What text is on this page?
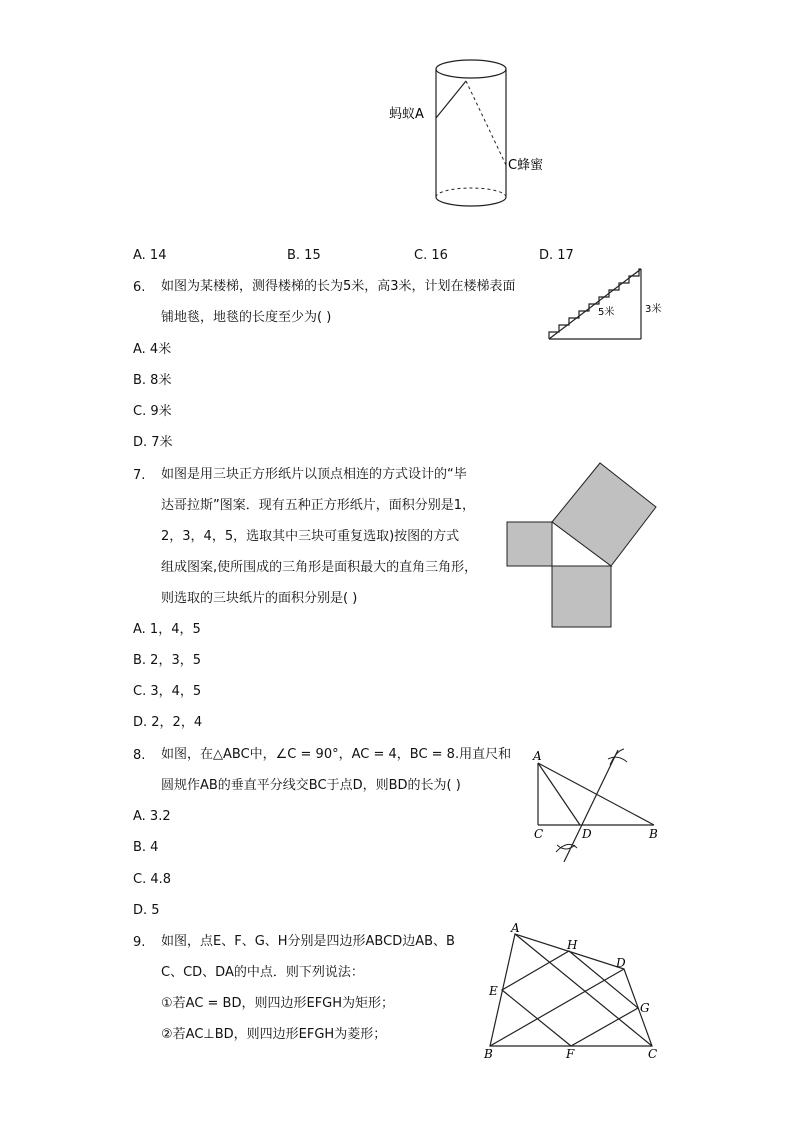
蚂蚁A
C蜂蜜
A. 14	B. 15	C. 16	D. 17
6. 如图为某楼梯，测得楼梯的长为5米，高3米，计划在楼梯表面
铺地毯，地毯的长度至少为( )	5米	3米
A. 4米
B. 8米
C. 9米
D. 7米
7. 如图是用三块正方形纸片以顶点相连的方式设计的“毕
达哥拉斯”图案．现有五种正方形纸片，面积分别是1，
2，3，4，5，选取其中三块可重复选取)按图的方式
组成图案,使所围成的三角形是面积最大的直角三角形，
则选取的三块纸片的面积分别是( )
A. 1，4，5
B. 2，3，5
C. 3，4，5
D. 2，2，4
8. 如图，在△ABC中，∠C = 90°，AC = 4，BC = 8.用直尺和
圆规作AB的垂直平分线交BC于点D，则BD的长为( )
A
C	D	B
A. 3.2
B. 4
C. 4.8
D. 5
9. 如图，点E、F、G、H分别是四边形ABCD边AB、B
C、CD、DA的中点．则下列说法：
①若AC = BD，则四边形EFGH为矩形；
②若AC⊥BD，则四边形EFGH为菱形；
A
H
D
E
G
B	F	C
